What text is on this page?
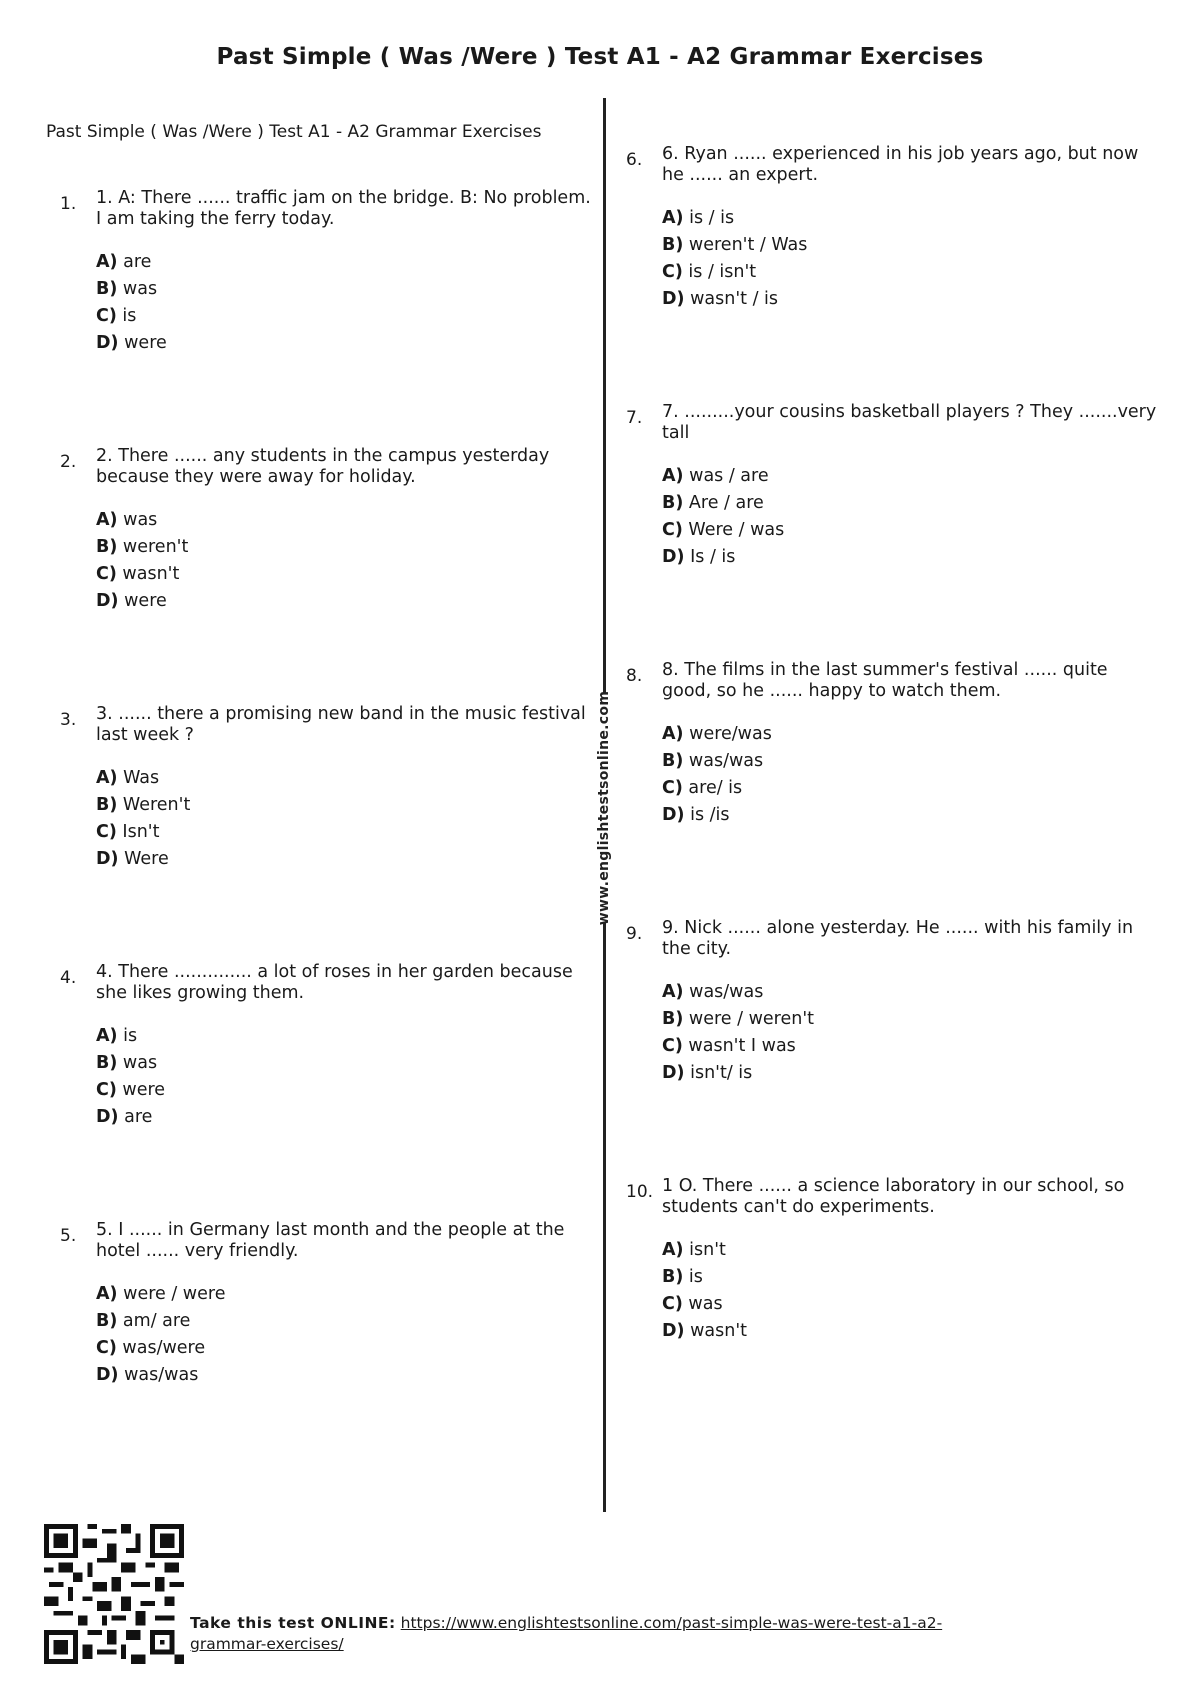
Past Simple ( Was /Were ) Test A1 - A2 Grammar Exercises
Past Simple ( Was /Were ) Test A1 - A2 Grammar Exercises
www.englishtestsonline.com
1.	1. A: There ...... traffic jam on the bridge. B: No problem. I am taking the ferry today.

A) are
B) was
C) is
D) were
2.	2. There ...... any students in the campus yesterday because they were away for holiday.

A) was
B) weren't
C) wasn't
D) were
3.	3. ...... there a promising new band in the music festival last week ?

A) Was
B) Weren't
C) Isn't
D) Were
4.	4. There .............. a lot of roses in her garden because she likes growing them.

A) is
B) was
C) were
D) are
5.	5. I ...... in Germany last month and the people at the hotel ...... very friendly.

A) were / were
B) am/ are
C) was/were
D) was/was
6.	6. Ryan ...... experienced in his job years ago, but now he ...... an expert.

A) is / is
B) weren't / Was
C) is / isn't
D) wasn't / is
7.	7. .........your cousins basketball players ? They .......very tall

A) was / are
B) Are / are
C) Were / was
D) Is / is
8.	8. The films in the last summer's festival ...... quite good, so he ...... happy to watch them.

A) were/was
B) was/was
C) are/ is
D) is /is
9.	9. Nick ...... alone yesterday. He ...... with his family in the city.

A) was/was
B) were / weren't
C) wasn't I was
D) isn't/ is
10. 1 O. There ...... a science laboratory in our school, so students can't do experiments.

A) isn't
B) is
C) was
D) wasn't
Take this test ONLINE: https://www.englishtestsonline.com/past-simple-was-were-test-a1-a2-grammar-exercises/
